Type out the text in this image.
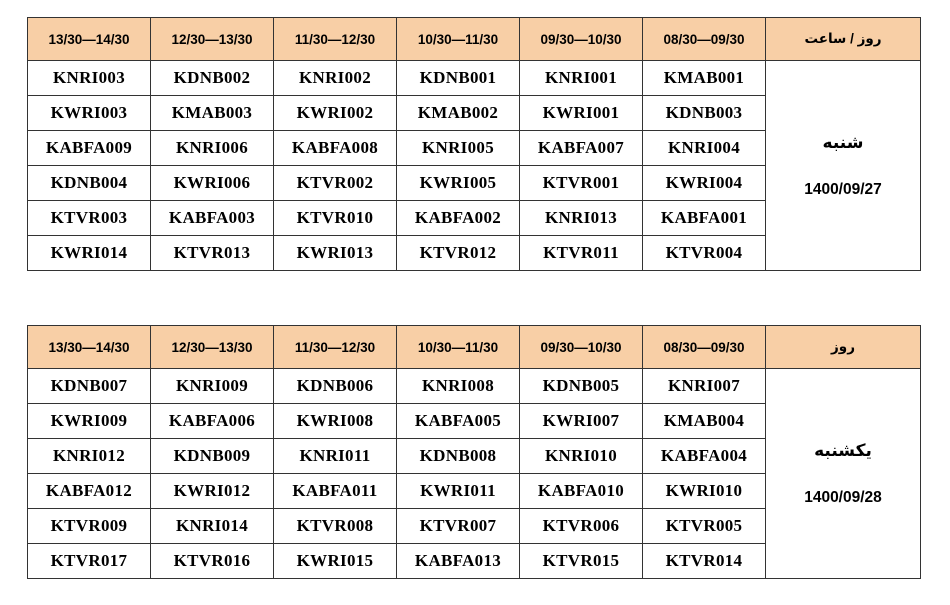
13/30—14/30	12/30—13/30	11/30—12/30	10/30—11/30	09/30—10/30	08/30—09/30	روز / ساعت
KNRI003	KDNB002	KNRI002	KDNB001	KNRI001	KMAB001	شنبه
1400/09/27

KWRI003	KMAB003	KWRI002	KMAB002	KWRI001	KDNB003	
KABFA009	KNRI006	KABFA008	KNRI005	KABFA007	KNRI004	
KDNB004	KWRI006	KTVR002	KWRI005	KTVR001	KWRI004	
KTVR003	KABFA003	KTVR010	KABFA002	KNRI013	KABFA001	
KWRI014	KTVR013	KWRI013	KTVR012	KTVR011	KTVR004	
13/30—14/30	12/30—13/30	11/30—12/30	10/30—11/30	09/30—10/30	08/30—09/30	روز
KDNB007	KNRI009	KDNB006	KNRI008	KDNB005	KNRI007	یکشنبه
1400/09/28

KWRI009	KABFA006	KWRI008	KABFA005	KWRI007	KMAB004	
KNRI012	KDNB009	KNRI011	KDNB008	KNRI010	KABFA004	
KABFA012	KWRI012	KABFA011	KWRI011	KABFA010	KWRI010	
KTVR009	KNRI014	KTVR008	KTVR007	KTVR006	KTVR005	
KTVR017	KTVR016	KWRI015	KABFA013	KTVR015	KTVR014	
